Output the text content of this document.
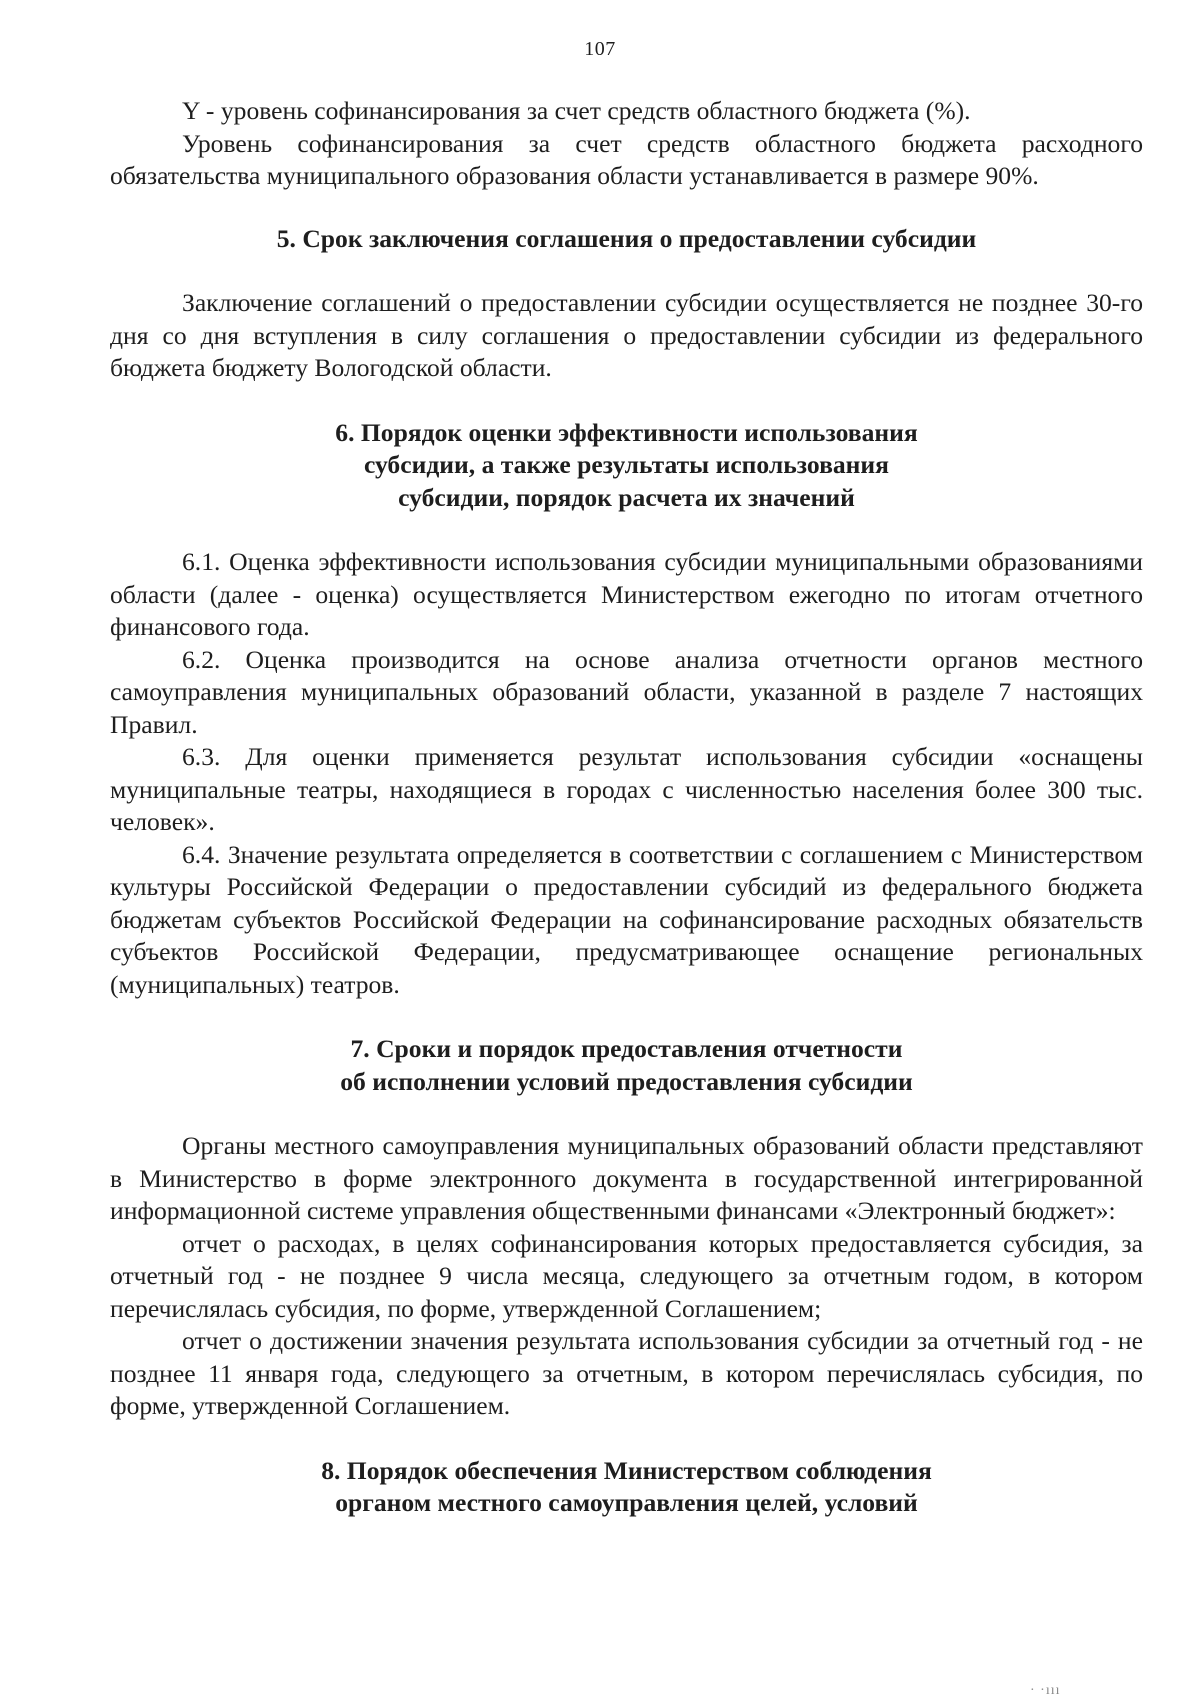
107

Y - уровень софинансирования за счет средств областного бюджета (%).

Уровень софинансирования за счет средств областного бюджета расходного обязательства муниципального образования области устанавливается в размере 90%.

5. Срок заключения соглашения о предоставлении субсидии

Заключение соглашений о предоставлении субсидии осуществляется не позднее 30-го дня со дня вступления в силу соглашения о предоставлении субсидии из федерального бюджета бюджету Вологодской области.

6. Порядок оценки эффективности использования
субсидии, а также результаты использования
субсидии, порядок расчета их значений

6.1. Оценка эффективности использования субсидии муниципальными образованиями области (далее - оценка) осуществляется Министерством ежегодно по итогам отчетного финансового года.

6.2. Оценка производится на основе анализа отчетности органов местного самоуправления муниципальных образований области, указанной в разделе 7 настоящих Правил.

6.3. Для оценки применяется результат использования субсидии «оснащены муниципальные театры, находящиеся в городах с численностью населения более 300 тыс. человек».

6.4. Значение результата определяется в соответствии с соглашением с Министерством культуры Российской Федерации о предоставлении субсидий из федерального бюджета бюджетам субъектов Российской Федерации на софинансирование расходных обязательств субъектов Российской Федерации, предусматривающее оснащение региональных (муниципальных) театров.

7. Сроки и порядок предоставления отчетности
об исполнении условий предоставления субсидии

Органы местного самоуправления муниципальных образований области представляют в Министерство в форме электронного документа в государственной интегрированной информационной системе управления общественными финансами «Электронный бюджет»:

отчет о расходах, в целях софинансирования которых предоставляется субсидия, за отчетный год - не позднее 9 числа месяца, следующего за отчетным годом, в котором перечислялась субсидия, по форме, утвержденной Соглашением;

отчет о достижении значения результата использования субсидии за отчетный год - не позднее 11 января года, следующего за отчетным, в котором перечислялась субсидия, по форме, утвержденной Соглашением.

8. Порядок обеспечения Министерством соблюдения
органом местного самоуправления целей, условий
· ·ııı
